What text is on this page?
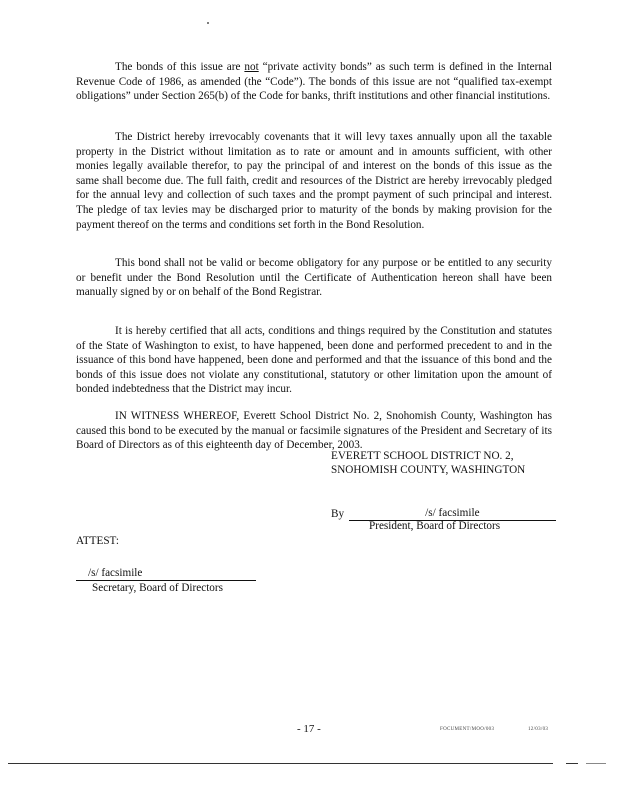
The bonds of this issue are not “private activity bonds” as such term is defined in the Internal Revenue Code of 1986, as amended (the “Code”). The bonds of this issue are not “qualified tax-exempt obligations” under Section 265(b) of the Code for banks, thrift institutions and other financial institutions.

The District hereby irrevocably covenants that it will levy taxes annually upon all the taxable property in the District without limitation as to rate or amount and in amounts sufficient, with other monies legally available therefor, to pay the principal of and interest on the bonds of this issue as the same shall become due. The full faith, credit and resources of the District are hereby irrevocably pledged for the annual levy and collection of such taxes and the prompt payment of such principal and interest. The pledge of tax levies may be discharged prior to maturity of the bonds by making provision for the payment thereof on the terms and conditions set forth in the Bond Resolution.

This bond shall not be valid or become obligatory for any purpose or be entitled to any security or benefit under the Bond Resolution until the Certificate of Authentication hereon shall have been manually signed by or on behalf of the Bond Registrar.

It is hereby certified that all acts, conditions and things required by the Constitution and statutes of the State of Washington to exist, to have happened, been done and performed precedent to and in the issuance of this bond have happened, been done and performed and that the issuance of this bond and the bonds of this issue does not violate any constitutional, statutory or other limitation upon the amount of bonded indebtedness that the District may incur.

IN WITNESS WHEREOF, Everett School District No. 2, Snohomish County, Washington has caused this bond to be executed by the manual or facsimile signatures of the President and Secretary of its Board of Directors as of this eighteenth day of December, 2003.

EVERETT SCHOOL DISTRICT NO. 2,
SNOHOMISH COUNTY, WASHINGTON
By	/s/ facsimile
President, Board of Directors
ATTEST:
/s/ facsimile
Secretary, Board of Directors
- 17 -	FOCUMENT/MOO/003	12/03/03
